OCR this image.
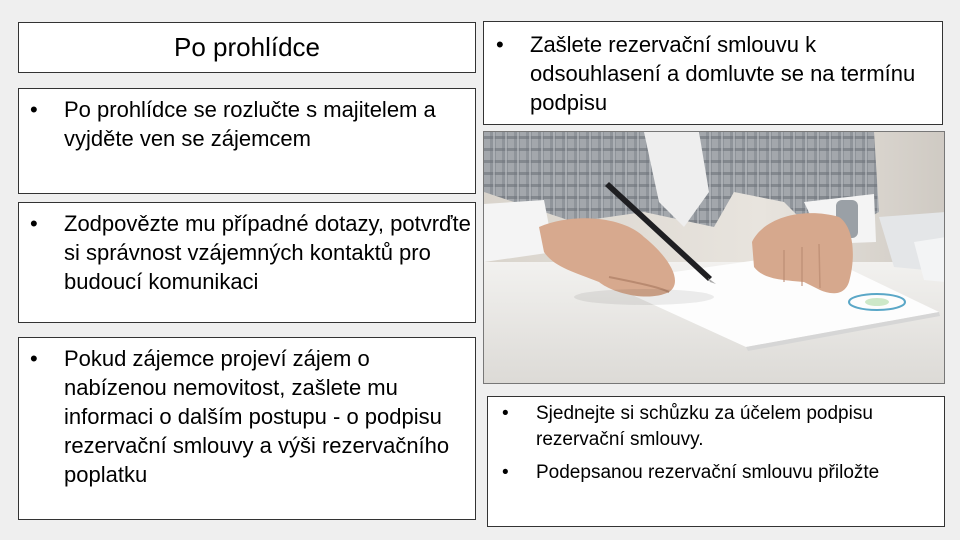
Po prohlídce
• Po prohlídce se rozlučte s majitelem a vyjděte ven se zájemcem
• Zodpovězte mu případné dotazy, potvrďte si správnost vzájemných kontaktů pro budoucí komunikaci
• Pokud zájemce projeví zájem o nabízenou nemovitost, zašlete mu informaci o dalším postupu - o podpisu rezervační smlouvy a výši rezervačního poplatku
• Zašlete rezervační smlouvu k odsouhlasení a domluvte se na termínu podpisu
• Sjednejte si schůzku za účelem podpisu rezervační smlouvy.
• Podepsanou rezervační smlouvu přiložte
